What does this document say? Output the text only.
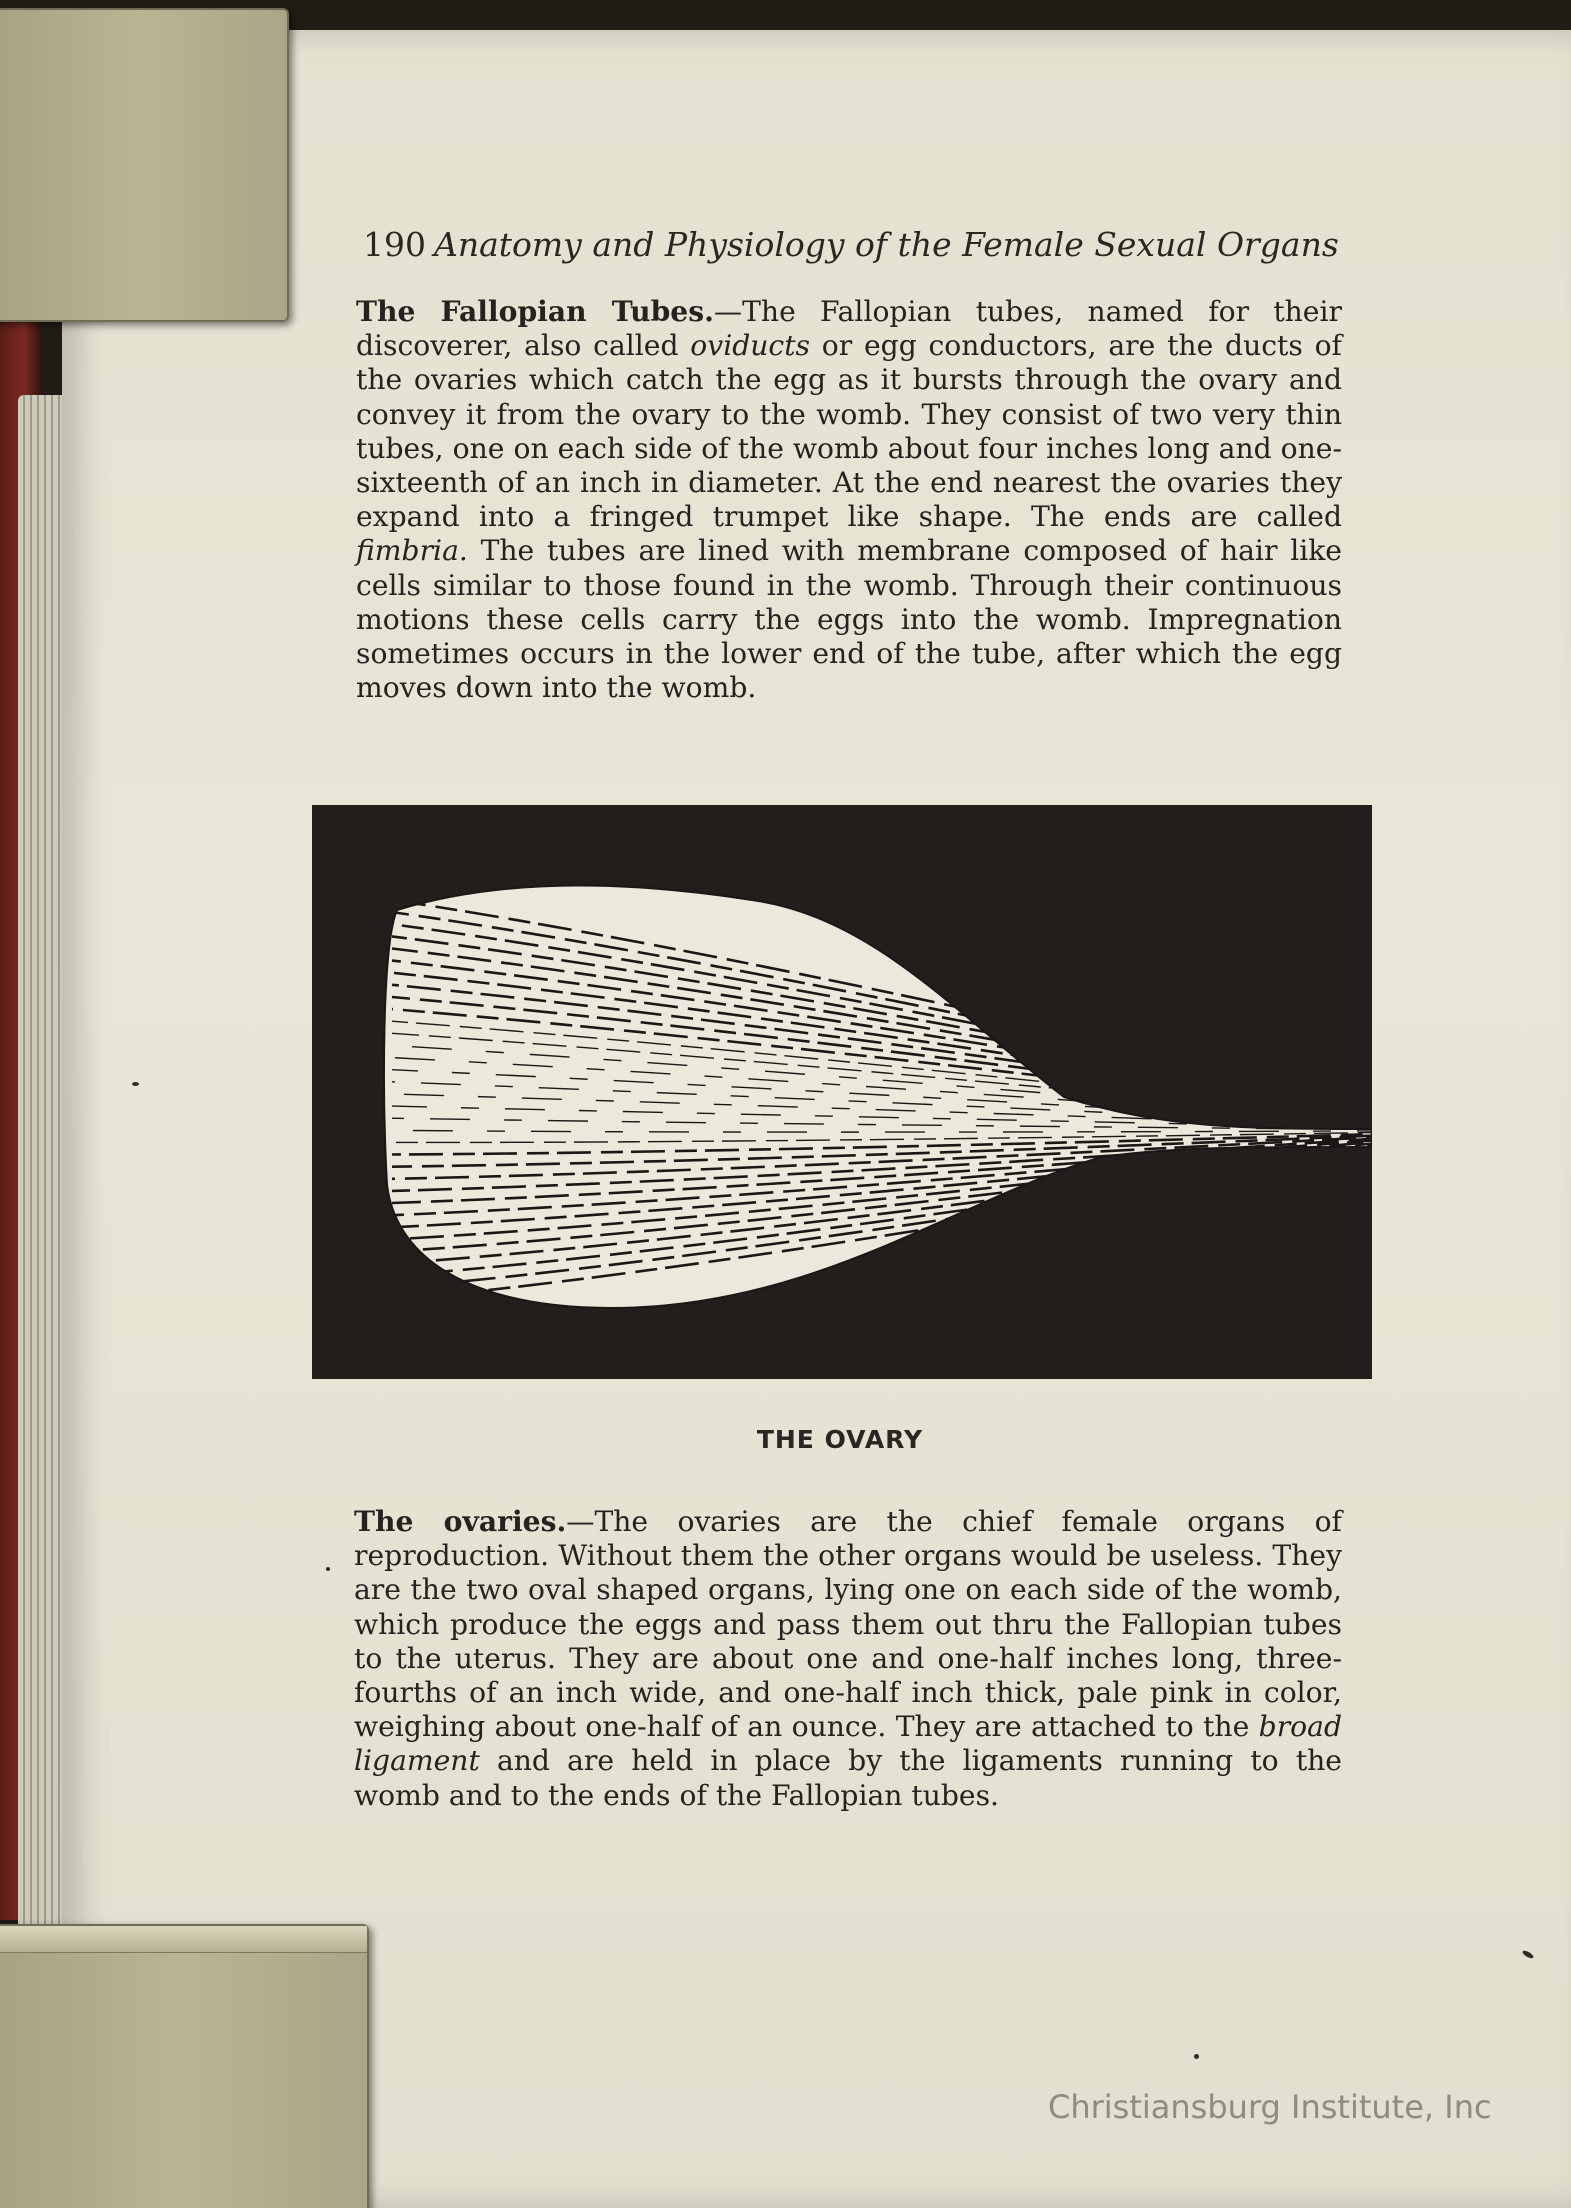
190 Anatomy and Physiology of the Female Sexual Organs

The Fallopian Tubes.—The Fallopian tubes, named for their discoverer, also called oviducts or egg conductors, are the ducts of the ovaries which catch the egg as it bursts through the ovary and convey it from the ovary to the womb. They consist of two very thin tubes, one on each side of the womb about four inches long and one-sixteenth of an inch in diameter. At the end nearest the ovaries they expand into a fringed trumpet like shape. The ends are called fimbria. The tubes are lined with membrane composed of hair like cells similar to those found in the womb. Through their continuous motions these cells carry the eggs into the womb. Impregnation sometimes occurs in the lower end of the tube, after which the egg moves down into the womb.

THE OVARY

The ovaries.—The ovaries are the chief female organs of reproduction. Without them the other organs would be useless. They are the two oval shaped organs, lying one on each side of the womb, which produce the eggs and pass them out thru the Fallopian tubes to the uterus. They are about one and one-half inches long, three-fourths of an inch wide, and one-half inch thick, pale pink in color, weighing about one-half of an ounce. They are attached to the broad ligament and are held in place by the ligaments running to the womb and to the ends of the Fallopian tubes.

Christiansburg Institute, Inc
